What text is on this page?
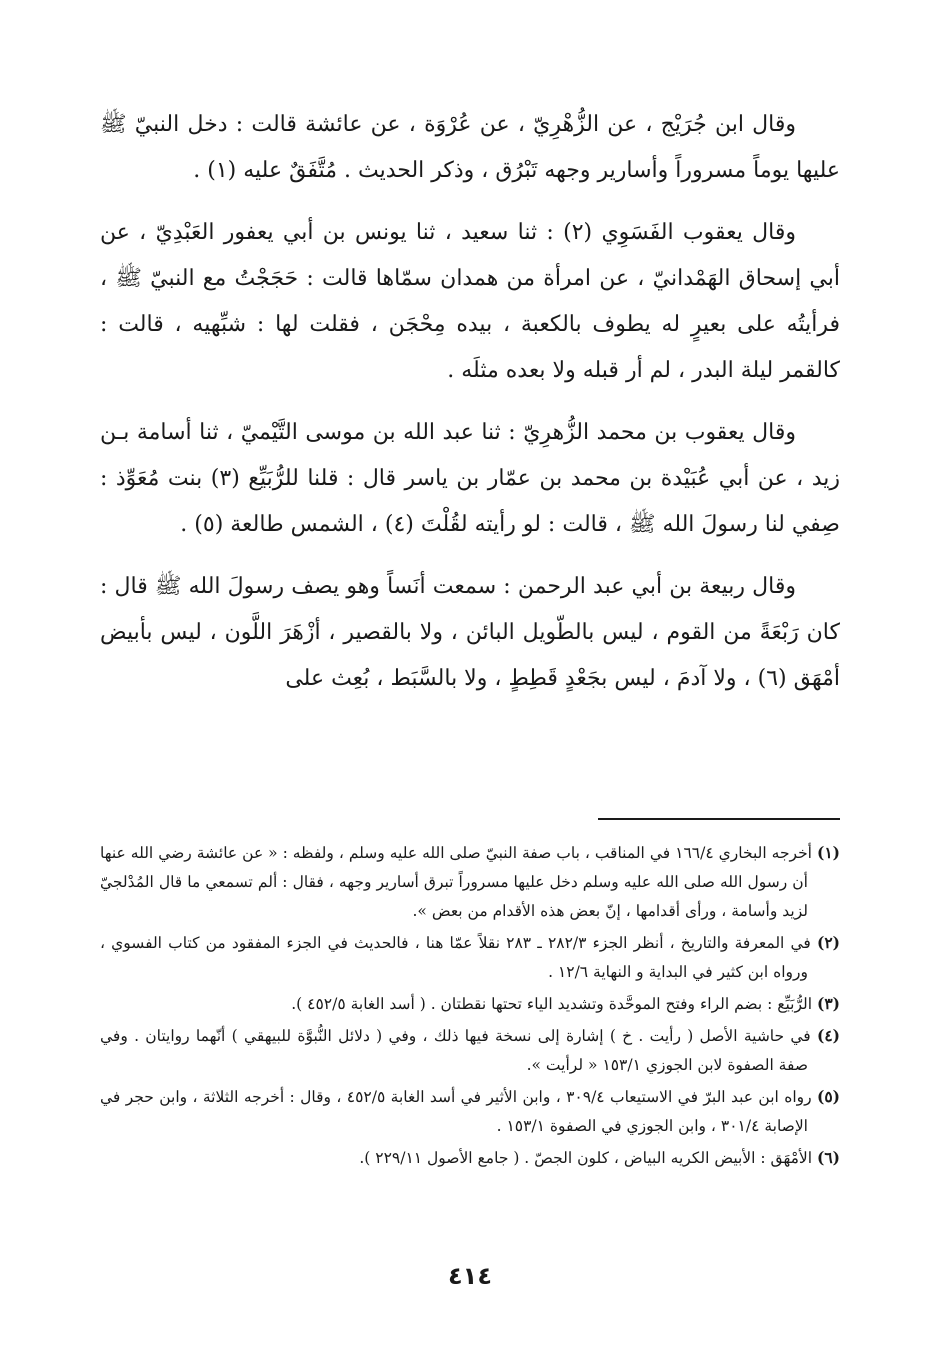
وقال ابن جُرَيْج ، عن الزُّهْرِيّ ، عن عُرْوَة ، عن عائشة قالت : دخل النبيّ ﷺ عليها يوماً مسروراً وأسارير وجهه تَبْرُق ، وذكر الحديث . مُتَّفَقٌ عليه (١) .

وقال يعقوب الفَسَوِي (٢) : ثنا سعيد ، ثنا يونس بن أبي يعفور العَبْدِيّ ، عن أبي إسحاق الهَمْدانيّ ، عن امرأة من همدان سمّاها قالت : حَجَجْتُ مع النبيّ ﷺ ، فرأيتُه على بعيرٍ له يطوف بالكعبة ، بيده مِحْجَن ، فقلت لها : شبِّهيه ، قالت : كالقمر ليلة البدر ، لم أر قبله ولا بعده مثلَه .

وقال يعقوب بن محمد الزُّهرِيّ : ثنا عبد الله بن موسى التَّيْميّ ، ثنا أسامة بـن زيد ، عن أبي عُبَيْدة بن محمد بن عمّار بن ياسر قال : قلنا للرُّبَيِّع (٣) بنت مُعَوِّذ : صِفي لنا رسولَ الله ﷺ ، قالت : لو رأيته لقُلْتَ (٤) ، الشمس طالعة (٥) .

وقال ربيعة بن أبي عبد الرحمن : سمعت أنَساً وهو يصف رسولَ الله ﷺ قال : كان رَبْعَةً من القوم ، ليس بالطّويل البائن ، ولا بالقصير ، أزْهَرَ اللَّون ، ليس بأبيض أمْهَق (٦) ، ولا آدمَ ، ليس بجَعْدٍ قَطِطٍ ، ولا بالسَّبَط ، بُعِث على

(١) أخرجه البخاري ١٦٦/٤ في المناقب ، باب صفة النبيّ صلى الله عليه وسلم ، ولفظه : « عن عائشة رضي الله عنها أن رسول الله صلى الله عليه وسلم دخل عليها مسروراً تبرق أسارير وجهه ، فقال : ألم تسمعي ما قال المُدْلجيّ لزيد وأسامة ، ورأى أقدامها ، إنّ بعض هذه الأقدام من بعض ».

(٢) في المعرفة والتاريخ ، أنظر الجزء ٢٨٢/٣ ـ ٢٨٣ نقلاً عمّا هنا ، فالحديث في الجزء المفقود من كتاب الفسوي ، ورواه ابن كثير في البداية و النهاية ١٢/٦ .

(٣) الرُّبَيِّع : بضم الراء وفتح الموحَّدة وتشديد الياء تحتها نقطتان . ( أسد الغابة ٤٥٢/٥ ).

(٤) في حاشية الأصل ( رأيت . خ ) إشارة إلى نسخة فيها ذلك ، وفي ( دلائل النُّبوَّة للبيهقي ) أنّهما روايتان . وفي صفة الصفوة لابن الجوزي ١٥٣/١ « لرأيت ».

(٥) رواه ابن عبد البرّ في الاستيعاب ٣٠٩/٤ ، وابن الأثير في أسد الغابة ٤٥٢/٥ ، وقال : أخرجه الثلاثة ، وابن حجر في الإصابة ٣٠١/٤ ، وابن الجوزي في الصفوة ١٥٣/١ .

(٦) الأمْهَق : الأبيض الكريه البياض ، كلون الجصّ . ( جامع الأصول ٢٢٩/١١ ).

٤١٤
